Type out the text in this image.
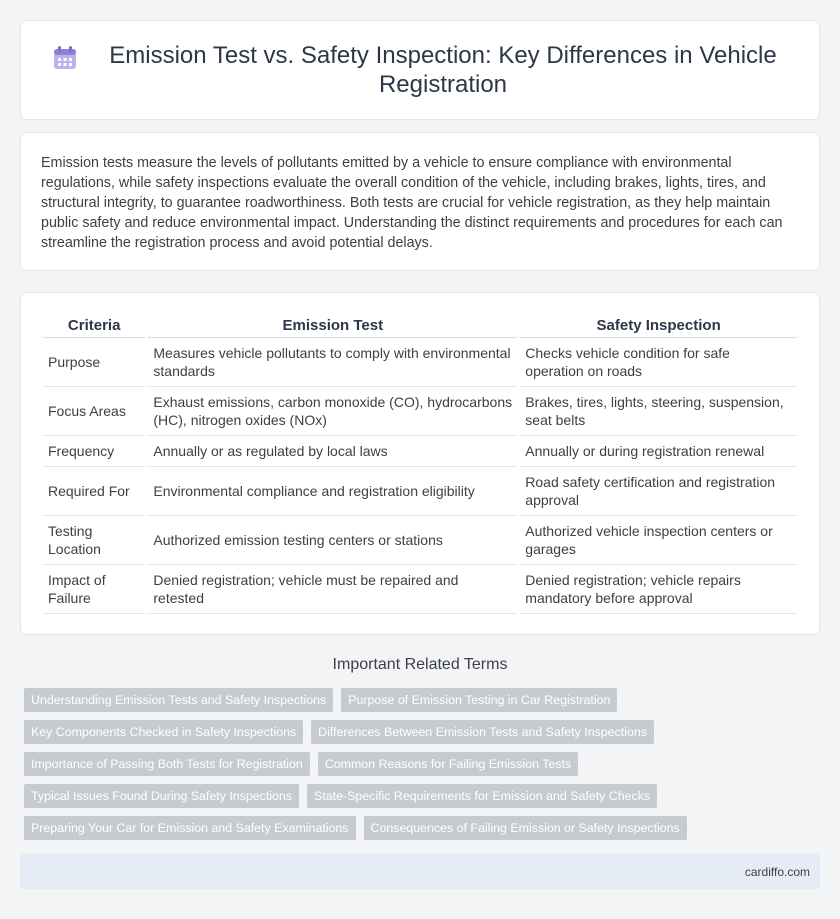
Emission Test vs. Safety Inspection: Key Differences in Vehicle Registration

Emission tests measure the levels of pollutants emitted by a vehicle to ensure compliance with environmental regulations, while safety inspections evaluate the overall condition of the vehicle, including brakes, lights, tires, and structural integrity, to guarantee roadworthiness. Both tests are crucial for vehicle registration, as they help maintain public safety and reduce environmental impact. Understanding the distinct requirements and procedures for each can streamline the registration process and avoid potential delays.

Criteria	Emission Test	Safety Inspection
Purpose	Measures vehicle pollutants to comply with environmental standards	Checks vehicle condition for safe operation on roads
Focus Areas	Exhaust emissions, carbon monoxide (CO), hydrocarbons (HC), nitrogen oxides (NOx)	Brakes, tires, lights, steering, suspension, seat belts
Frequency	Annually or as regulated by local laws	Annually or during registration renewal
Required For	Environmental compliance and registration eligibility	Road safety certification and registration approval
Testing Location	Authorized emission testing centers or stations	Authorized vehicle inspection centers or garages
Impact of Failure	Denied registration; vehicle must be repaired and retested	Denied registration; vehicle repairs mandatory before approval
Important Related Terms
Understanding Emission Tests and Safety Inspections	Purpose of Emission Testing in Car Registration
Key Components Checked in Safety Inspections	Differences Between Emission Tests and Safety Inspections
Importance of Passing Both Tests for Registration	Common Reasons for Failing Emission Tests
Typical Issues Found During Safety Inspections	State-Specific Requirements for Emission and Safety Checks
Preparing Your Car for Emission and Safety Examinations	Consequences of Failing Emission or Safety Inspections
cardiffo.com
